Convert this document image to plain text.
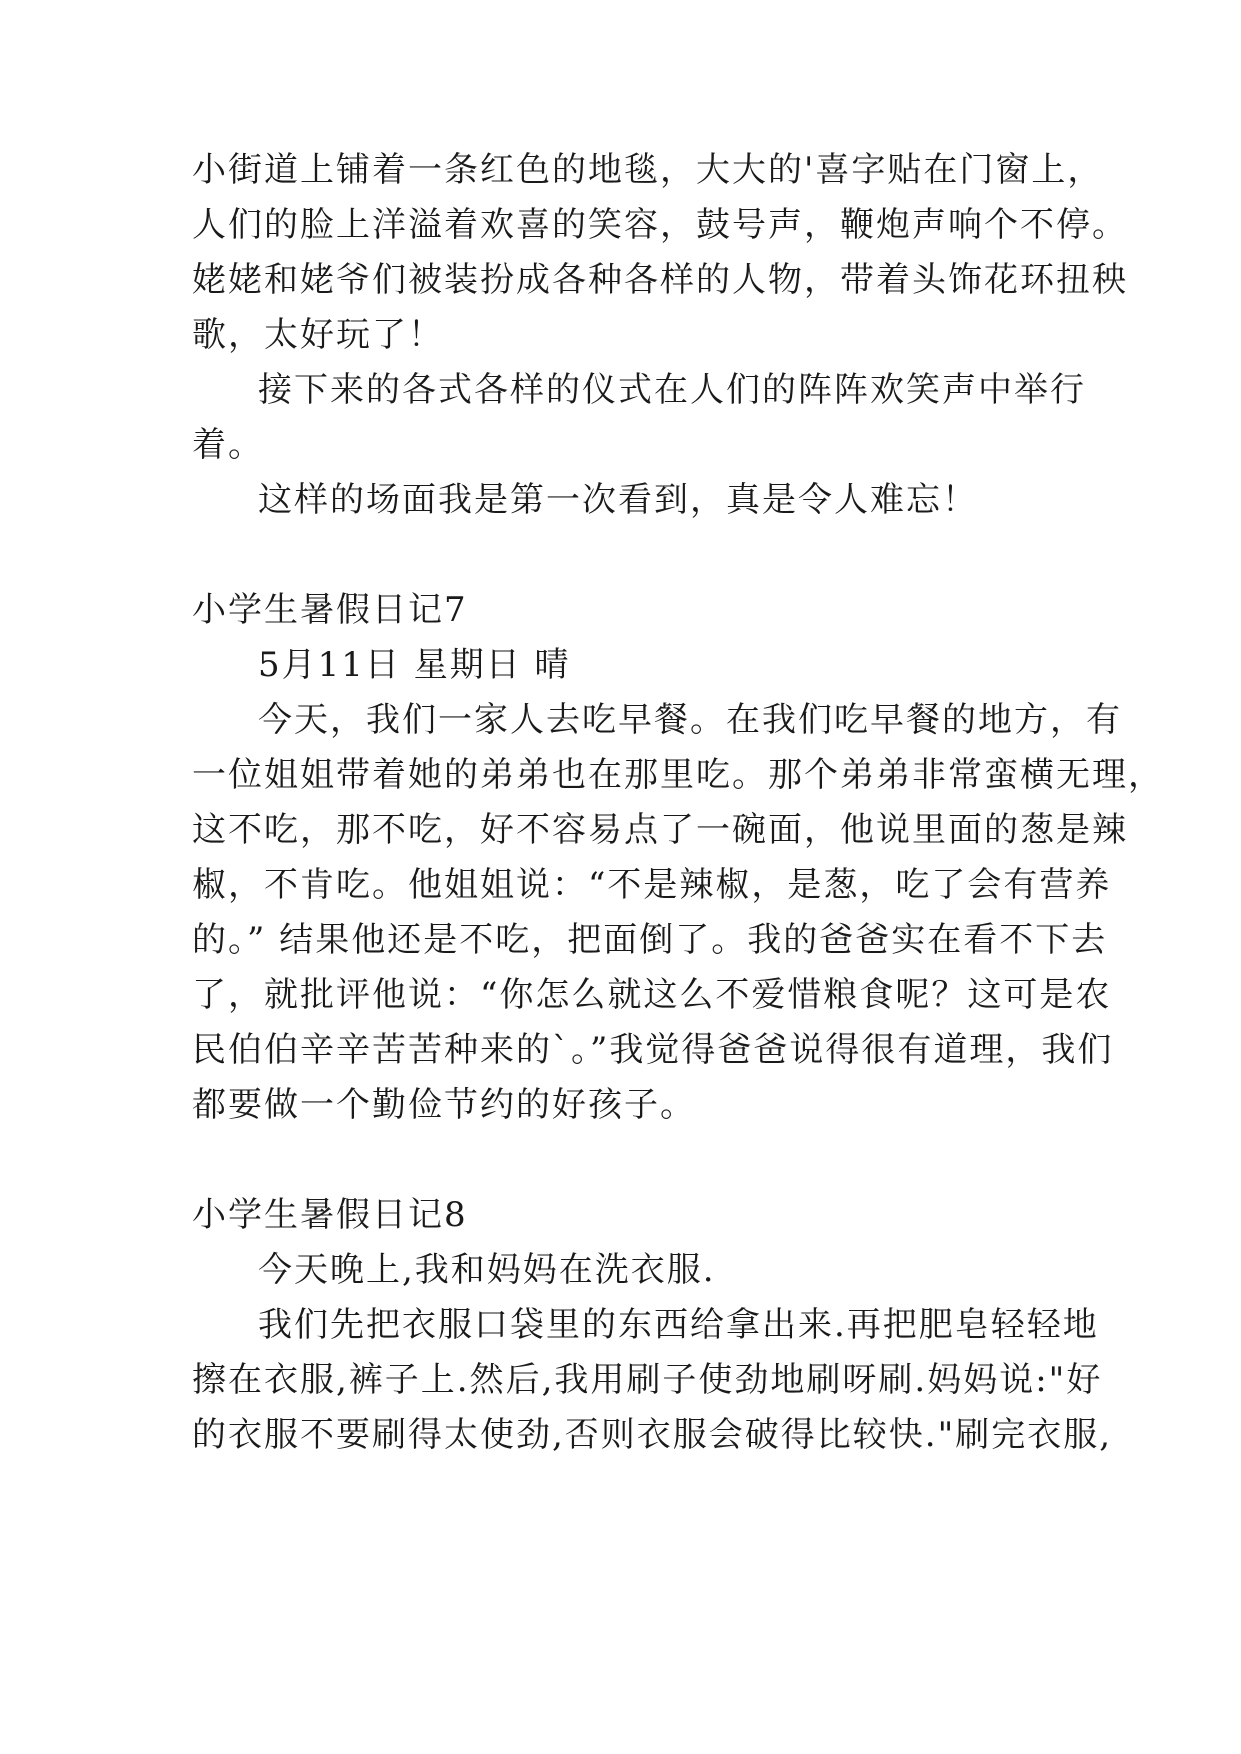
小街道上铺着一条红色的地毯，大大的'喜字贴在门窗上，
人们的脸上洋溢着欢喜的笑容，鼓号声，鞭炮声响个不停。
姥姥和姥爷们被装扮成各种各样的人物，带着头饰花环扭秧
歌，太好玩了！
接下来的各式各样的仪式在人们的阵阵欢笑声中举行
着。
这样的场面我是第一次看到，真是令人难忘！
小学生暑假日记7
5月11日 星期日 晴
今天，我们一家人去吃早餐。在我们吃早餐的地方，有
一位姐姐带着她的弟弟也在那里吃。那个弟弟非常蛮横无理，
这不吃，那不吃，好不容易点了一碗面，他说里面的葱是辣
椒，不肯吃。他姐姐说：“不是辣椒，是葱，吃了会有营养
的。” 结果他还是不吃，把面倒了。我的爸爸实在看不下去
了，就批评他说：“你怎么就这么不爱惜粮食呢？这可是农
民伯伯辛辛苦苦种来的`。”我觉得爸爸说得很有道理，我们
都要做一个勤俭节约的好孩子。
小学生暑假日记8
今天晚上,我和妈妈在洗衣服.
我们先把衣服口袋里的东西给拿出来.再把肥皂轻轻地
擦在衣服,裤子上.然后,我用刷子使劲地刷呀刷.妈妈说:"好
的衣服不要刷得太使劲,否则衣服会破得比较快."刷完衣服,
